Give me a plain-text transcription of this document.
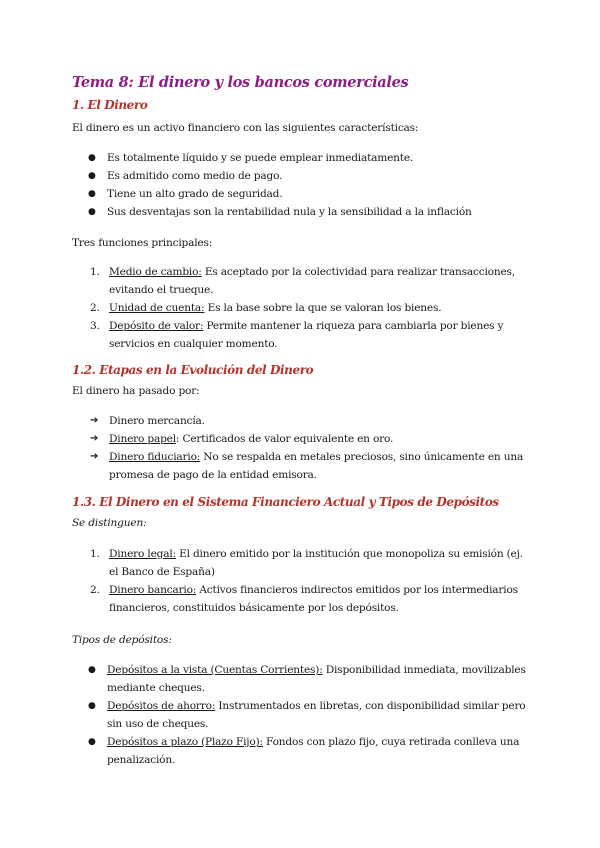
Tema 8: El dinero y los bancos comerciales
1. El Dinero

El dinero es un activo financiero con las siguientes características:

● Es totalmente líquido y se puede emplear inmediatamente.
● Es admitido como medio de pago.
● Tiene un alto grado de seguridad.
● Sus desventajas son la rentabilidad nula y la sensibilidad a la inflación

Tres funciones principales:

1. Medio de cambio: Es aceptado por la colectividad para realizar transacciones, evitando el trueque.
2. Unidad de cuenta: Es la base sobre la que se valoran los bienes.
3. Depósito de valor: Permite mantener la riqueza para cambiarla por bienes y servicios en cualquier momento.
1.2. Etapas en la Evolución del Dinero

El dinero ha pasado por:

➔ Dinero mercancía.
➔ Dinero papel: Certificados de valor equivalente en oro.
➔ Dinero fiduciario: No se respalda en metales preciosos, sino únicamente en una promesa de pago de la entidad emisora.
1.3. El Dinero en el Sistema Financiero Actual y Tipos de Depósitos

Se distinguen:

1. Dinero legal: El dinero emitido por la institución que monopoliza su emisión (ej. el Banco de España)
2. Dinero bancario: Activos financieros indirectos emitidos por los intermediarios financieros, constituidos básicamente por los depósitos.

Tipos de depósitos:

● Depósitos a la vista (Cuentas Corrientes): Disponibilidad inmediata, movilizables mediante cheques.
● Depósitos de ahorro: Instrumentados en libretas, con disponibilidad similar pero sin uso de cheques.
● Depósitos a plazo (Plazo Fijo): Fondos con plazo fijo, cuya retirada conlleva una penalización.
